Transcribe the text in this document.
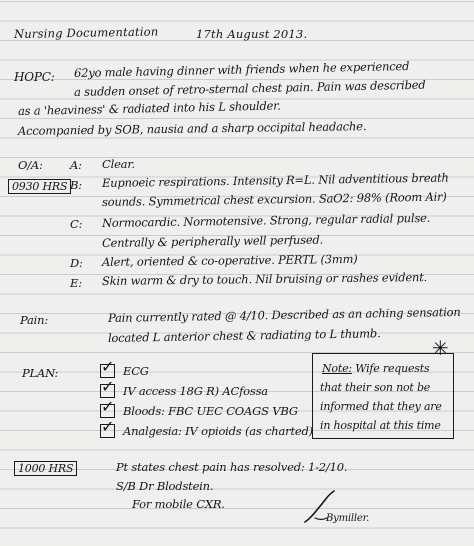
Nursing Documentation	17th August 2013.
HOPC: 62yo male having dinner with friends when he experienced
a sudden onset of retro-sternal chest pain. Pain was described
as a 'heaviness' & radiated into his L shoulder.
Accompanied by SOB, nausia and a sharp occipital headache.
O/A:
0930 HRS
A: Clear.
B: Eupnoeic respirations. Intensity R=L. Nil adventitious breath
sounds. Symmetrical chest excursion. SaO2: 98% (Room Air)
C: Normocardic. Normotensive. Strong, regular radial pulse.
Centrally & peripherally well perfused.
D: Alert, oriented & co-operative. PERTL (3mm)
E: Skin warm & dry to touch. Nil bruising or rashes evident.
Pain:	Pain currently rated @ 4/10. Described as an aching sensation
located L anterior chest & radiating to L thumb.
PLAN:	✓ ECG
✓ IV access 18G R) ACfossa
✓ Bloods: FBC UEC COAGS VBG
✓ Analgesia: IV opioids (as charted)
✳
Note: Wife requests
that their son not be
informed that they are
in hospital at this time
1000 HRS	Pt states chest pain has resolved: 1-2/10.
S/B Dr Blodstein.
For mobile CXR.
Bymiller.
